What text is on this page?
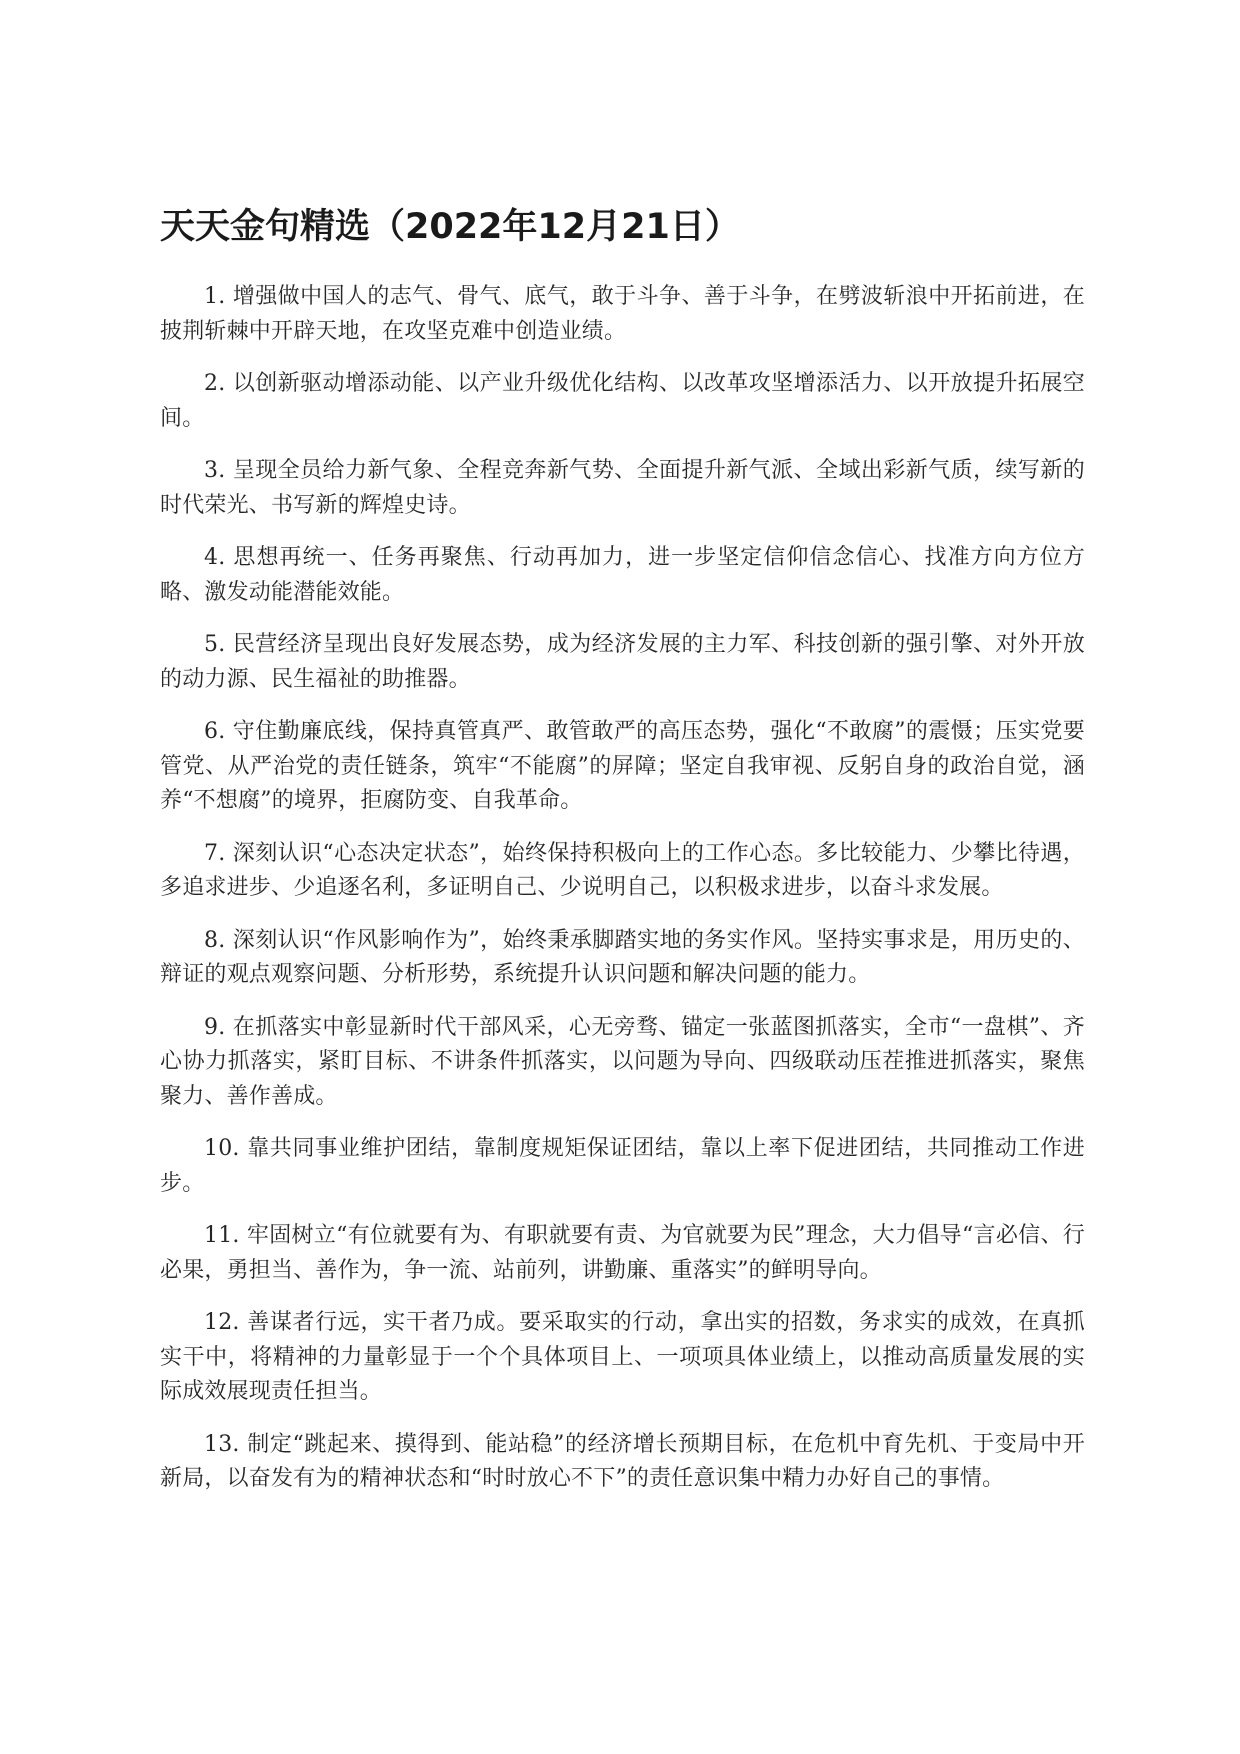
天天金句精选（2022年12月21日）

1. 增强做中国人的志气、骨气、底气，敢于斗争、善于斗争，在劈波斩浪中开拓前进，在披荆斩棘中开辟天地，在攻坚克难中创造业绩。

2. 以创新驱动增添动能、以产业升级优化结构、以改革攻坚增添活力、以开放提升拓展空间。

3. 呈现全员给力新气象、全程竞奔新气势、全面提升新气派、全域出彩新气质，续写新的时代荣光、书写新的辉煌史诗。

4. 思想再统一、任务再聚焦、行动再加力，进一步坚定信仰信念信心、找准方向方位方略、激发动能潜能效能。

5. 民营经济呈现出良好发展态势，成为经济发展的主力军、科技创新的强引擎、对外开放的动力源、民生福祉的助推器。

6. 守住勤廉底线，保持真管真严、敢管敢严的高压态势，强化“不敢腐”的震慑；压实党要管党、从严治党的责任链条，筑牢“不能腐”的屏障；坚定自我审视、反躬自身的政治自觉，涵养“不想腐”的境界，拒腐防变、自我革命。

7. 深刻认识“心态决定状态”，始终保持积极向上的工作心态。多比较能力、少攀比待遇，多追求进步、少追逐名利，多证明自己、少说明自己，以积极求进步，以奋斗求发展。

8. 深刻认识“作风影响作为”，始终秉承脚踏实地的务实作风。坚持实事求是，用历史的、辩证的观点观察问题、分析形势，系统提升认识问题和解决问题的能力。

9. 在抓落实中彰显新时代干部风采，心无旁骛、锚定一张蓝图抓落实，全市“一盘棋”、齐心协力抓落实，紧盯目标、不讲条件抓落实，以问题为导向、四级联动压茬推进抓落实，聚焦聚力、善作善成。

10. 靠共同事业维护团结，靠制度规矩保证团结，靠以上率下促进团结，共同推动工作进步。

11. 牢固树立“有位就要有为、有职就要有责、为官就要为民”理念，大力倡导“言必信、行必果，勇担当、善作为，争一流、站前列，讲勤廉、重落实”的鲜明导向。

12. 善谋者行远，实干者乃成。要采取实的行动，拿出实的招数，务求实的成效，在真抓实干中，将精神的力量彰显于一个个具体项目上、一项项具体业绩上，以推动高质量发展的实际成效展现责任担当。

13. 制定“跳起来、摸得到、能站稳”的经济增长预期目标，在危机中育先机、于变局中开新局，以奋发有为的精神状态和“时时放心不下”的责任意识集中精力办好自己的事情。
